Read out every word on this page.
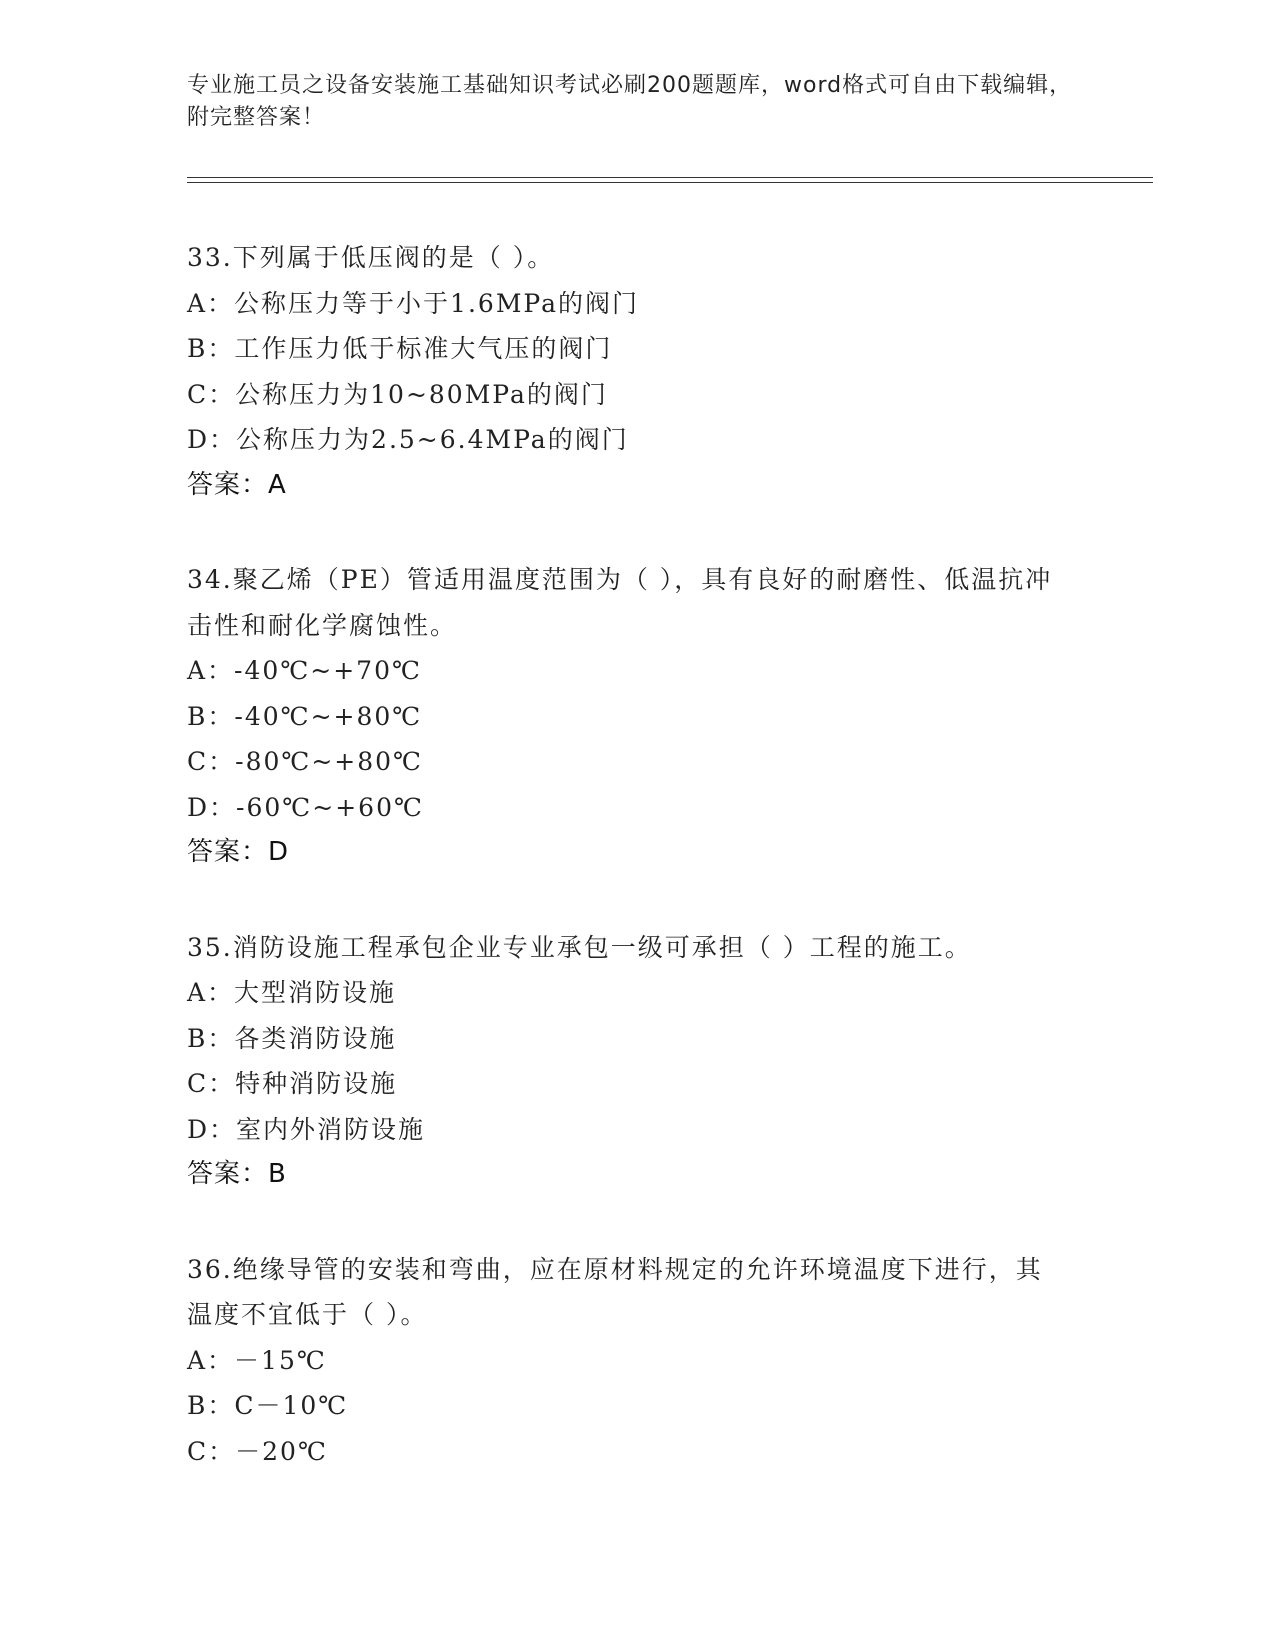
专业施工员之设备安装施工基础知识考试必刷200题题库，word格式可自由下载编辑，附完整答案！
33.下列属于低压阀的是（ ）。
A：公称压力等于小于1.6MPa的阀门
B：工作压力低于标准大气压的阀门
C：公称压力为10~80MPa的阀门
D：公称压力为2.5~6.4MPa的阀门
答案：A
34.聚乙烯（PE）管适用温度范围为（ ），具有良好的耐磨性、低温抗冲击性和耐化学腐蚀性。
A：-40℃~+70℃
B：-40℃~+80℃
C：-80℃~+80℃
D：-60℃~+60℃
答案：D
35.消防设施工程承包企业专业承包一级可承担（ ）工程的施工。
A：大型消防设施
B：各类消防设施
C：特种消防设施
D：室内外消防设施
答案：B
36.绝缘导管的安装和弯曲，应在原材料规定的允许环境温度下进行，其温度不宜低于（ ）。
A：－15℃
B：C－10℃
C：－20℃
